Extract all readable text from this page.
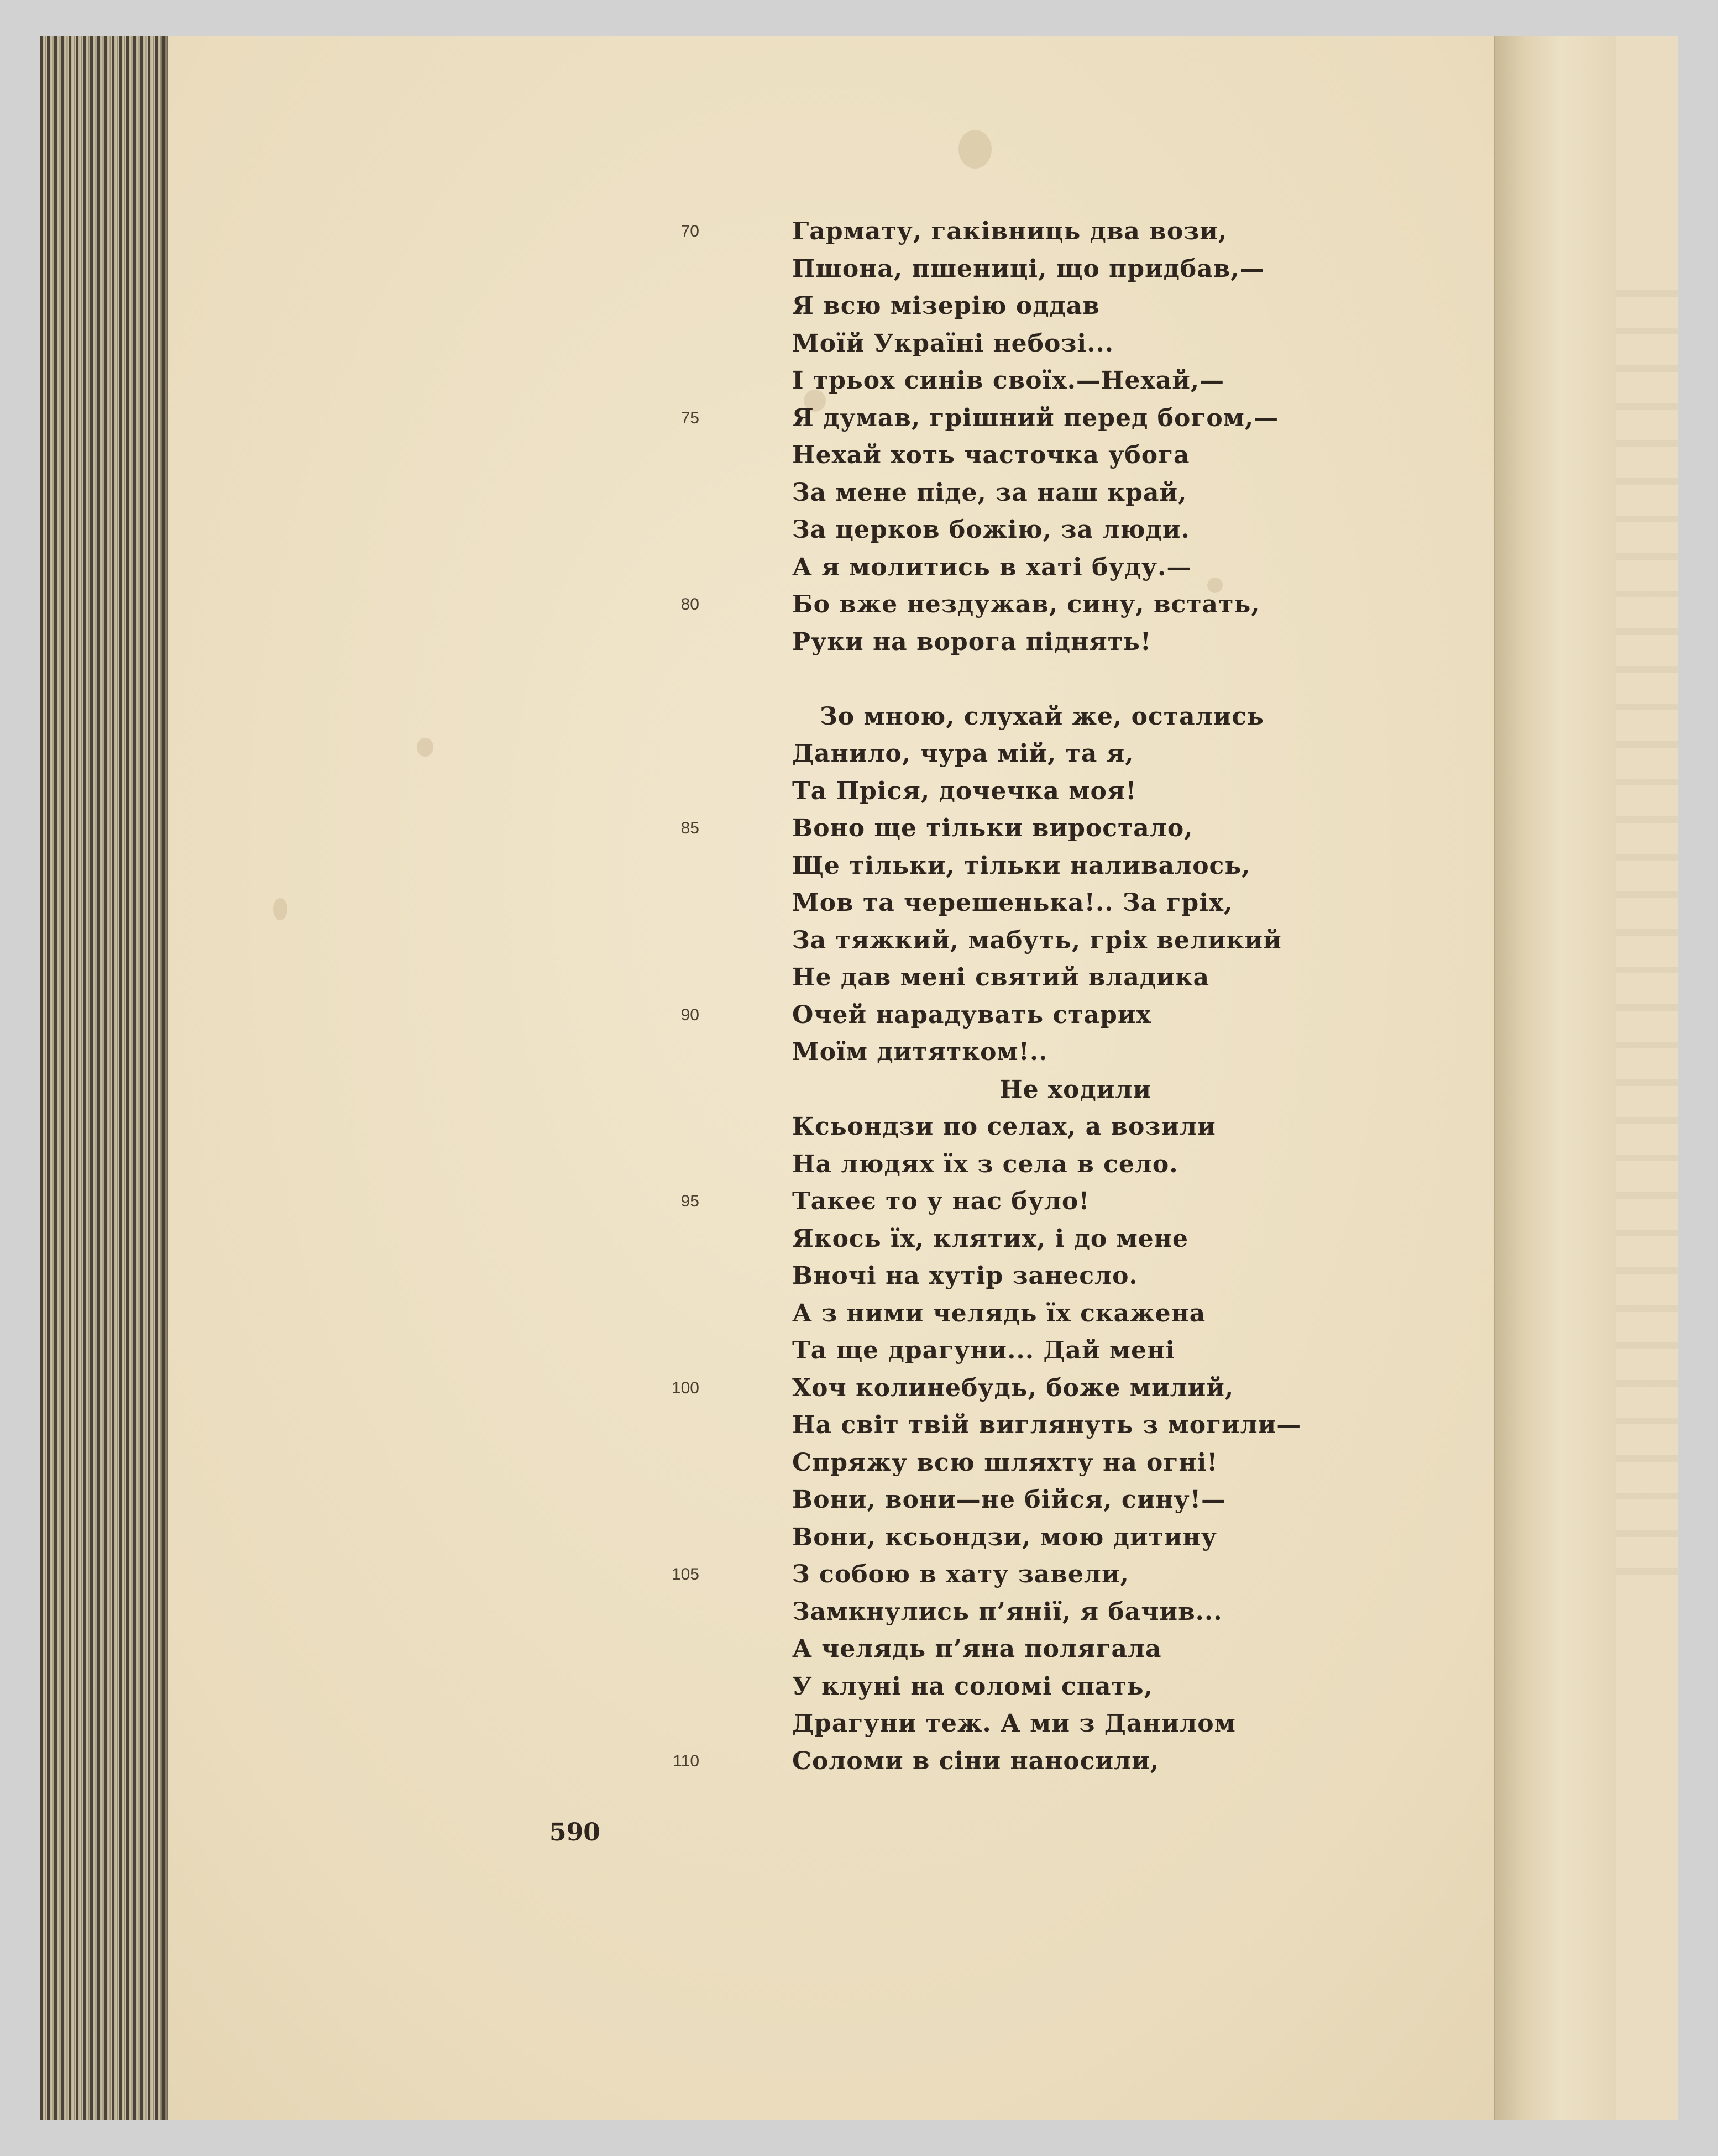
70	Гармату, гаківниць два вози,
Пшона, пшениці, що придбав,—
Я всю мізерію оддав
Моїй Україні небозі...
І трьох синів своїх.—Нехай,—
75	Я думав, грішний перед богом,—
Нехай хоть часточка убога
За мене піде, за наш край,
За церков божію, за люди.
А я молитись в хаті буду.—
80	Бо вже нездужав, сину, встать,
Руки на ворога піднять!
Зо мною, слухай же, остались
Данило, чура мій, та я,
Та Пріся, дочечка моя!
85	Воно ще тільки виростало,
Ще тільки, тільки наливалось,
Мов та черешенька!.. За гріх,
За тяжкий, мабуть, гріх великий
Не дав мені святий владика
90	Очей нарадувать старих
Моїм дитятком!..
Не ходили
Ксьондзи по селах, а возили
На людях їх з села в село.
95	Такеє то у нас було!
Якось їх, клятих, і до мене
Вночі на хутір занесло.
А з ними челядь їх скажена
Та ще драгуни... Дай мені
100	Хоч колинебудь, боже милий,
На світ твій виглянуть з могили—
Спряжу всю шляхту на огні!
Вони, вони—не бійся, сину!—
Вони, ксьондзи, мою дитину
105	З собою в хату завели,
Замкнулись п’янії, я бачив...
А челядь п’яна полягала
У клуні на соломі спать,
Драгуни теж. А ми з Данилом
110	Соломи в сіни наносили,
590
